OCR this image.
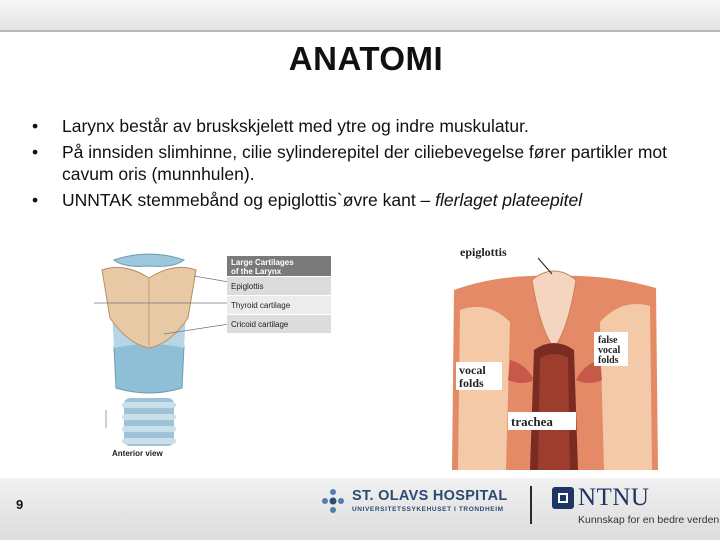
ANATOMI
• Larynx består av bruskskjelett med ytre og indre muskulatur.
• På innsiden slimhinne, cilie sylinderepitel der ciliebevegelse fører partikler mot cavum oris (munnhulen).
• UNNTAK stemmebånd og epiglottis`øvre kant – flerlaget plateepitel
Large Cartilages
of the Larynx
Epiglottis
Thyroid cartilage
Cricoid cartilage
Anterior view
epiglottis
false
vocal
folds
vocal
folds
trachea
9
ST. OLAVS HOSPITAL
UNIVERSITETSSYKEHUSET I TRONDHEIM	NTNU
Kunnskap for en bedre verden
